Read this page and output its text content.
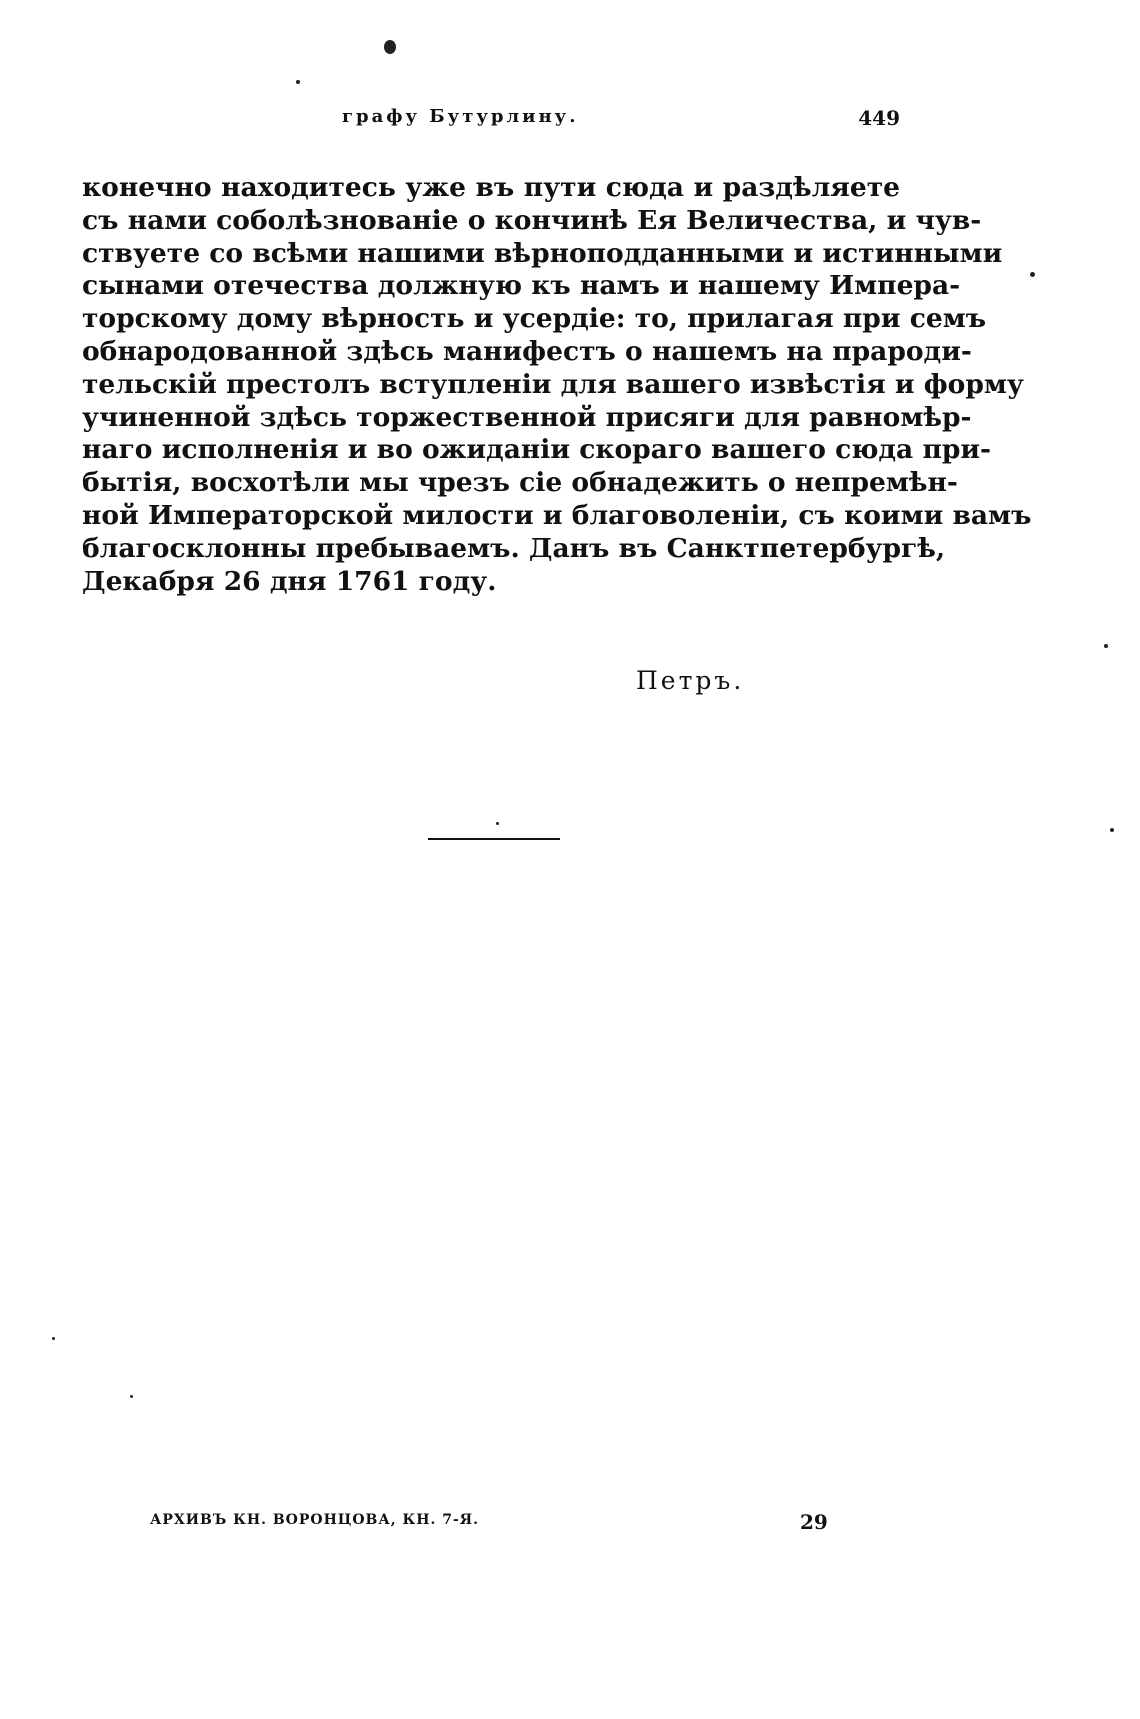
графу Бутурлину.	449
конечно находитесь уже въ пути сюда и раздѣляете
съ нами соболѣзнованіе о кончинѣ Ея Величества, и чув-
ствуете со всѣми нашими вѣрноподданными и истинными
сынами отечества должную къ намъ и нашему Импера-
торскому дому вѣрность и усердіе: то, прилагая при семъ
обнародованной здѣсь манифестъ о нашемъ на прароди-
тельскій престолъ вступленіи для вашего извѣстія и форму
учиненной здѣсь торжественной присяги для равномѣр-
наго исполненія и во ожиданіи скораго вашего сюда при-
бытія, восхотѣли мы чрезъ сіе обнадежить о непремѣн-
ной Императорской милости и благоволеніи, съ коими вамъ
благосклонны пребываемъ. Данъ въ Санктпетербургѣ,
Декабря 26 дня 1761 году.
Петръ.
АРХИВЪ КН. ВОРОНЦОВА, КН. 7-Я.	29
